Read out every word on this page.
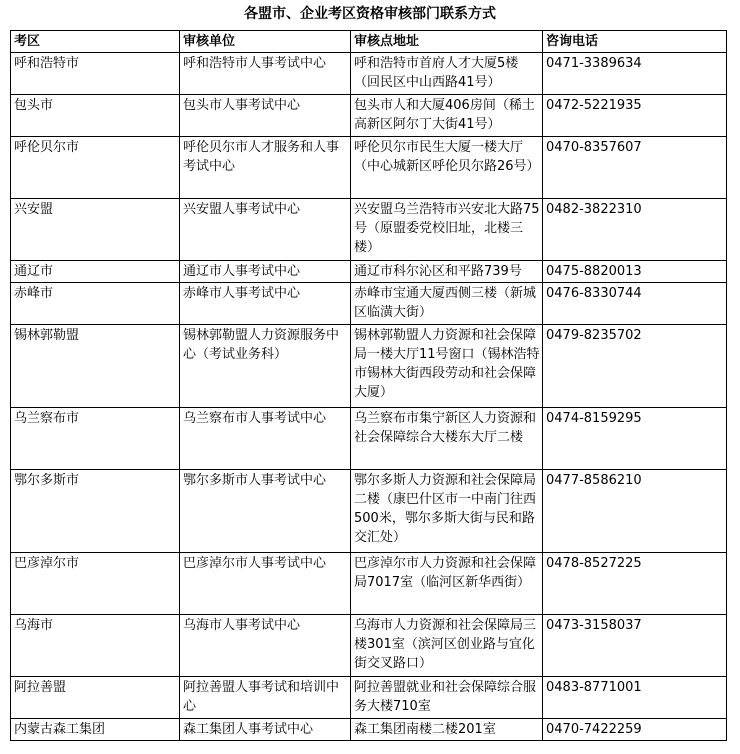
各盟市、企业考区资格审核部门联系方式
考区	审核单位	审核点地址	咨询电话
呼和浩特市	呼和浩特市人事考试中心	呼和浩特市首府人才大厦5楼（回民区中山西路41号）	0471-3389634
包头市	包头市人事考试中心	包头市人和大厦406房间（稀土高新区阿尔丁大街41号）	0472-5221935
呼伦贝尔市	呼伦贝尔市人才服务和人事考试中心	呼伦贝尔市民生大厦一楼大厅（中心城新区呼伦贝尔路26号）	0470-8357607
兴安盟	兴安盟人事考试中心	兴安盟乌兰浩特市兴安北大路75号（原盟委党校旧址，北楼三楼）	0482-3822310
通辽市	通辽市人事考试中心	通辽市科尔沁区和平路739号	0475-8820013
赤峰市	赤峰市人事考试中心	赤峰市宝通大厦西侧三楼（新城区临潢大街）	0476-8330744
锡林郭勒盟	锡林郭勒盟人力资源服务中心（考试业务科）	锡林郭勒盟人力资源和社会保障局一楼大厅11号窗口（锡林浩特市锡林大街西段劳动和社会保障大厦）	0479-8235702
乌兰察布市	乌兰察布市人事考试中心	乌兰察布市集宁新区人力资源和社会保障综合大楼东大厅二楼	0474-8159295
鄂尔多斯市	鄂尔多斯市人事考试中心	鄂尔多斯人力资源和社会保障局二楼（康巴什区市一中南门往西500米，鄂尔多斯大街与民和路交汇处）	0477-8586210
巴彦淖尔市	巴彦淖尔市人事考试中心	巴彦淖尔市人力资源和社会保障局7017室（临河区新华西街）	0478-8527225
乌海市	乌海市人事考试中心	乌海市人力资源和社会保障局三楼301室（滨河区创业路与宜化街交叉路口）	0473-3158037
阿拉善盟	阿拉善盟人事考试和培训中心	阿拉善盟就业和社会保障综合服务大楼710室	0483-8771001
内蒙古森工集团	森工集团人事考试中心	森工集团南楼二楼201室	0470-7422259
